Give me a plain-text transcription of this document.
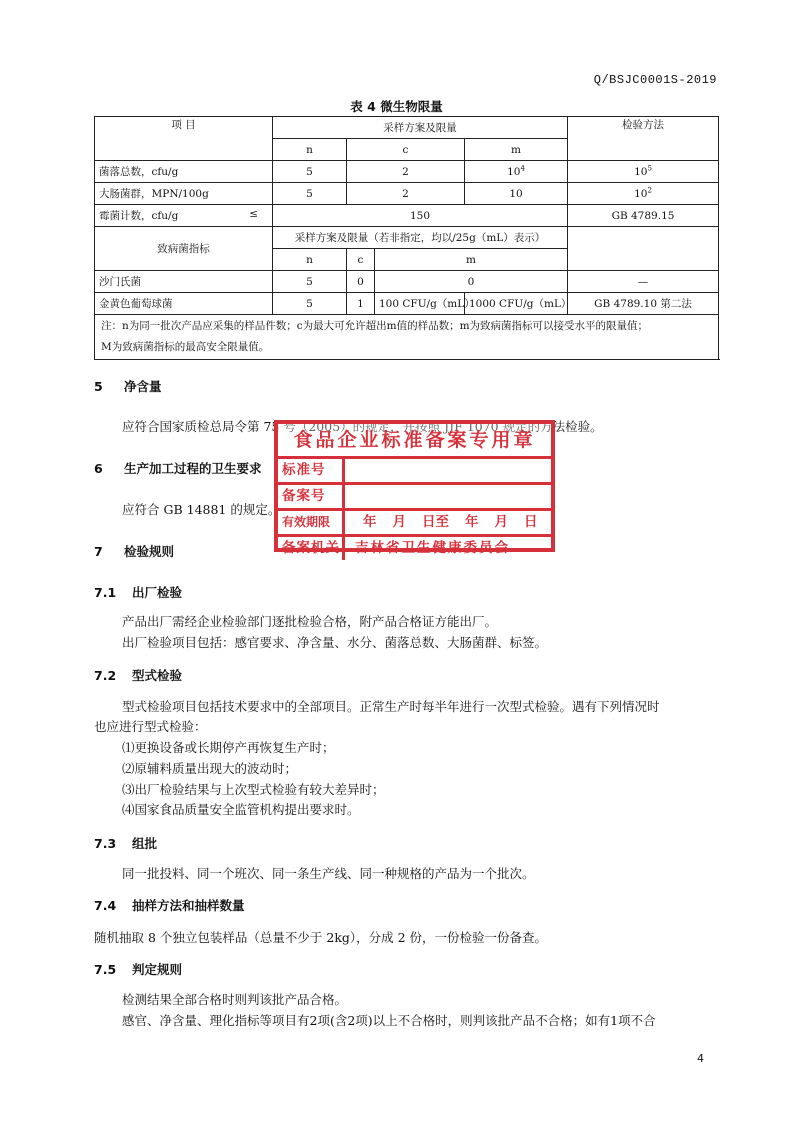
Q/BSJC0001S-2019
表 4 微生物限量
项 目	采样方案及限量				检验方法	
	n	c		m	
菌落总数，cfu/g	5	2		$10^4$	$10^5$	
大肠菌群，MPN/100g	5	2		10	$10^2$	
霉菌计数，cfu/g ≤	150				GB 4789.15	
致病菌指标	采样方案及限量（若非指定，均以/25g（mL）表示）					
	n	c	m	
沙门氏菌	5	0	0		—	
金黄色葡萄球菌	5	1	100 CFU/g（mL）	1000 CFU/g（mL）	GB 4789.10 第二法	

注：n为同一批次产品应采集的样品件数；c为最大可允许超出m值的样品数；m为致病菌指标可以接受水平的限量值；
M为致病菌指标的最高安全限量值。						
5 净含量
应符合国家质检总局令第 75 号（2005）的规定，并按照 JJF 1070 规定的方法检验。
6 生产加工过程的卫生要求
应符合 GB 14881 的规定。
7 检验规则
7.1 出厂检验
产品出厂需经企业检验部门逐批检验合格，附产品合格证方能出厂。
出厂检验项目包括：感官要求、净含量、水分、菌落总数、大肠菌群、标签。
7.2 型式检验
型式检验项目包括技术要求中的全部项目。正常生产时每半年进行一次型式检验。遇有下列情况时
也应进行型式检验：
⑴更换设备或长期停产再恢复生产时；
⑵原辅料质量出现大的波动时；
⑶出厂检验结果与上次型式检验有较大差异时；
⑷国家食品质量安全监管机构提出要求时。
7.3 组批
同一批投料、同一个班次、同一条生产线、同一种规格的产品为一个批次。
7.4 抽样方法和抽样数量
随机抽取 8 个独立包装样品（总量不少于 2kg），分成 2 份，一份检验一份备查。
7.5 判定规则
检测结果全部合格时则判该批产品合格。
感官、净含量、理化指标等项目有2项(含2项)以上不合格时，则判该批产品不合格；如有1项不合
食品企业标准备案专用章
标准号
备案号
有效期限	年 月 日至 年 月 日
备案机关	吉林省卫生健康委员会
4
